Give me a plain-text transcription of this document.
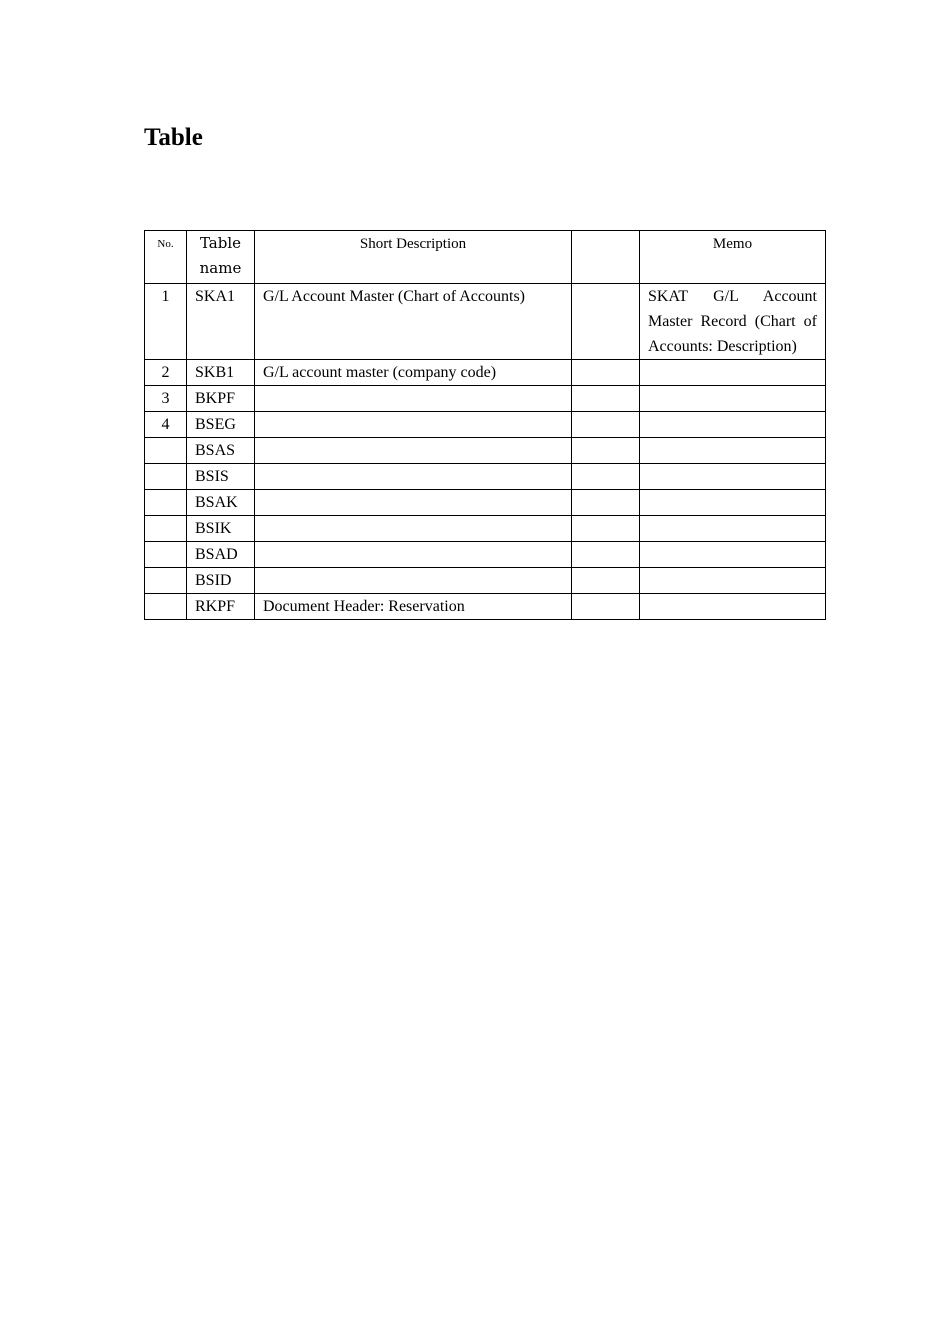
Table
No.	Table name	Short Description		Memo
1	SKA1	G/L Account Master (Chart of Accounts)		SKAT G/L Account Master Record (Chart of Accounts: Description)
2	SKB1	G/L account master (company code)		
3	BKPF			
4	BSEG			
	BSAS			
	BSIS			
	BSAK			
	BSIK			
	BSAD			
	BSID			
	RKPF	Document Header: Reservation		
